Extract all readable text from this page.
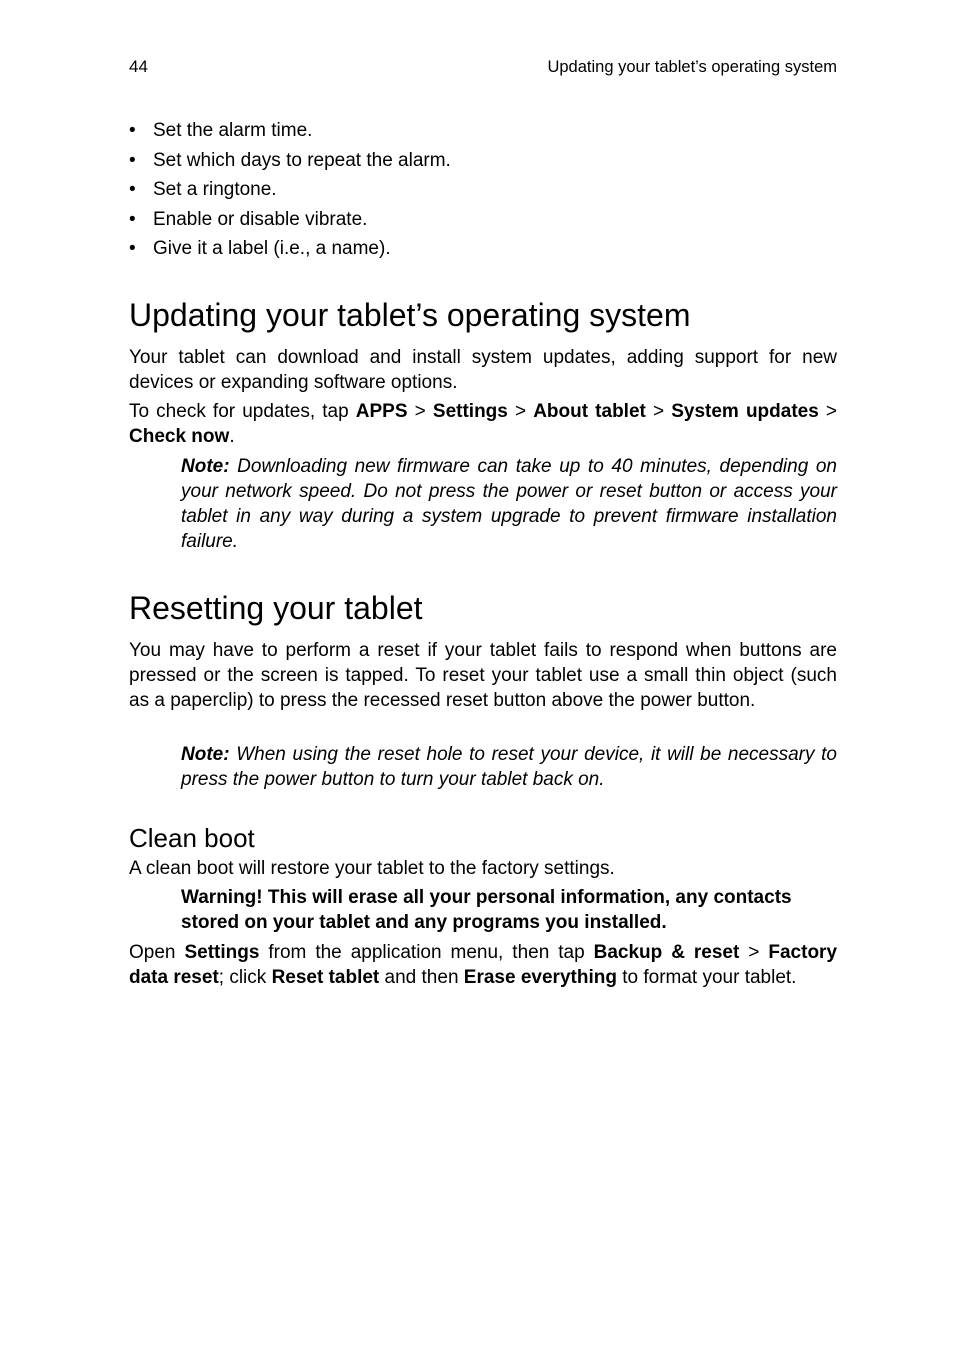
44	Updating your tablet’s operating system
• Set the alarm time.
• Set which days to repeat the alarm.
• Set a ringtone.
• Enable or disable vibrate.
• Give it a label (i.e., a name).
Updating your tablet’s operating system

Your tablet can download and install system updates, adding support for new devices or expanding software options.

To check for updates, tap APPS > Settings > About tablet > System updates > Check now.

Note: Downloading new firmware can take up to 40 minutes, depending on your network speed. Do not press the power or reset button or access your tablet in any way during a system upgrade to prevent firmware installation failure.

Resetting your tablet

You may have to perform a reset if your tablet fails to respond when buttons are pressed or the screen is tapped. To reset your tablet use a small thin object (such as a paperclip) to press the recessed reset button above the power button.

Note: When using the reset hole to reset your device, it will be necessary to press the power button to turn your tablet back on.

Clean boot

A clean boot will restore your tablet to the factory settings.

Warning! This will erase all your personal information, any contacts stored on your tablet and any programs you installed.

Open Settings from the application menu, then tap Backup & reset > Factory data reset; click Reset tablet and then Erase everything to format your tablet.
